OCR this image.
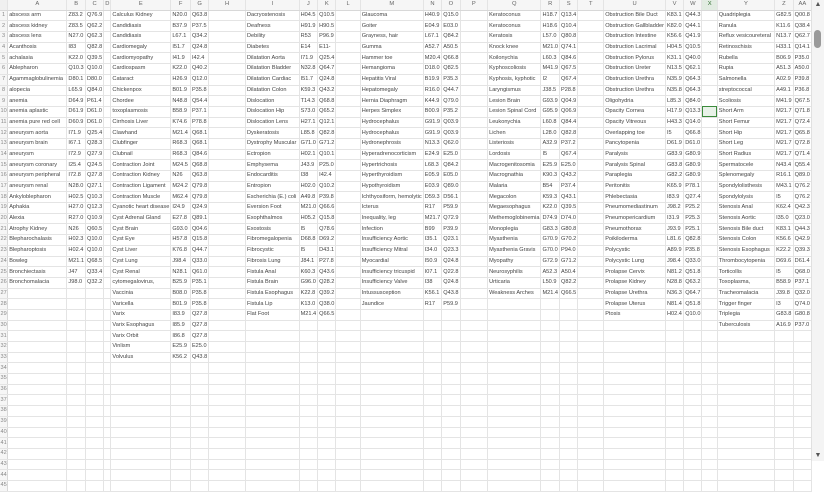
	A	B	C	D	E	F	G	H	I	J	K	L	M	N	O	P	Q	R	S	T	U	V	W	X	Y	Z	AA
1	abscess arm	Z83.2	Q76.9		Calculus Kidney	N20.0	Q63.8		Dacryostenosis	H04.5	Q10.5		Glaucoma	H40.9	Q15.0		Keratoconus	H18.7	Q13.4		Obstruction Bile Duct	K83.1	Q44.3		Quadriplegia	G82.5	Q00.8
2	abscess kidney	Z83.5	Q62.2		Candidiasis	B37.9	P37.5		Deafness	H91.9	H90.5		Goiter	E04.9	E03.0		Keratoconus	H18.6	Q10.4		Obstruction Gallbladder	K82.0	Q44.1		Ranula	K11.6	Q38.4
3	abscess lens	N27.0	Q62.3		Candidiasis	L67.1	Q34.2		Debility	R53	P96.9		Grayness, hair	L67.1	Q84.2		Keratosis	L57.0	Q80.8		Obstruction Intestine	K56.6	Q41.9		Reflux vesicoureteral	N13.7	Q62.7
4	Acanthosis	I83	Q82.8		Cardiomegaly	I51.7	Q24.8		Diabetes	E14	E11-		Gumma	A52.7	A50.5		Knock knee	M21.0	Q74.1		Obstruction Lacrimal	H04.5	Q10.5		Retinoschisis	H33.1	Q14.1
5	achalasia	K22.0	Q39.5		Cardiomyopathy	I41.9	I42.4		Dilatation Aorta	I71.9	Q25.4		Hammer toe	M20.4	Q66.8		Koilonychia	L60.3	Q84.6		Obstruction Pylorus	K31.1	Q40.0		Rubella	B06.9	P35.0
6	Ablepharon	Q10.3	Q10.0		Cardiospasm	K22.0	Q40.2		Dilatation Bladder	N32.8	Q64.7		Hemangioma	D18.0	Q82.5		Kyphoscoliosis	M41.9	Q67.5		Obstruction Ureter	N13.5	Q62.1		Rupia	A51.3	A50.0
7	Agammaglobulinemia	D80.1	D80.0		Cataract	H26.9	Q12.0		Dilatation Cardiac	I51.7	Q24.8		Hepatitis Viral	B19.9	P35.3		Kyphosis, kyphotic	I2	Q67.4		Obstruction Urethra	N35.9	Q64.3		Salmonella	A02.9	P39.8
8	alopecia	L65.9	Q84.0		Chickenpox	B01.9	P35.8		Dilatation Colon	K59.3	Q43.2		Hepatomegaly	R16.0	Q44.7		Laryngismus	J38.5	P28.8		Obstruction Urethra	N35.8	Q64.3		streptococcal	A49.1	P36.8
9	anemia	D64.9	P61.4		Chordee	N48.8	Q54.4		Dislocation	T14.3	Q68.8		Hernia Diaphragm	K44.9	Q79.0		Lesion Brain	G93.9	Q04.9		Oligohydria	L85.3	Q84.0		Scoliosis	M41.9	Q67.5
10	anemia aplastic	D61.9	D61.0		toxoplasmosis	B58.9	P37.1		Dislocation Hip	S73.0	Q65.2		Herpes Simplex	B00.9	P35.2		Lesion Spinal Cord	G95.9	Q06.9		Opacity Cornea	H17.9	Q13.3		Short Arm	M21.7	Q71.8
11	anemia pure red cell	D60.9	D61.0		Cirrhosis Liver	K74.6	P78.8		Dislocation Lens	H27.1	Q12.1		Hydrocephalus	G91.9	Q03.9		Leukonychia	L60.8	Q84.4		Opacity Vitreous	H43.3	Q14.0		Short Femur	M21.7	Q72.4
12	aneurysm aorta	I71.9	Q25.4		Clawhand	M21.4	Q68.1		Dyskeratosis	L85.8	Q82.8		Hydrocephalus	G91.9	Q03.9		Lichen	L28.0	Q82.8		Overlapping toe	I5	Q66.8		Short Hip	M21.7	Q65.8
13	aneurysm brain	I67.1	Q28.3		Clubfinger	R68.3	Q68.1		Dystrophy Muscular	G71.0	G71.2		Hydronephrosis	N13.3	Q62.0		Listeriosis	A32.9	P37.2		Pancytopenia	D61.9	D61.0		Short Leg	M21.7	Q72.8
14	aneurysm	I72.9	Q27.9		Clubnail	R68.3	Q84.6		Ectropion	H02.1	Q10.1		Hyperadrenocorticism	E24.9	E25.0		Lordosis	I5	Q67.4		Paralysis	G83.9	G80.9		Short Radius	M21.7	Q71.4
15	aneurysm coronary	I25.4	Q24.5		Contraction Joint	M24.5	Q68.8		Emphysema	J43.9	P25.0		Hypertrichosis	L68.3	Q84.2		Macrogenitosomia	E25.9	E25.0		Paralysis Spinal	G83.8	G80.9		Spermatocele	N43.4	Q55.4
16	aneurysm peripheral	I72.8	Q27.8		Contraction Kidney	N26	Q63.8		Endocarditis	I38	I42.4		Hyperthyroidism	E05.9	E05.0		Macrognathia	K90.3	Q43.2		Paraplegia	G82.2	G80.9		Splenomegaly	R16.1	Q89.0
17	aneurysm renal	N28.0	Q27.1		Contraction Ligament	M24.2	Q79.8		Entropion	H02.0	Q10.2		Hypothyroidism	E03.9	Q89.0		Malaria	B54	P37.4		Peritonitis	K65.9	P78.1		Spondylolisthesis	M43.1	Q76.2
18	Ankyloblepharon	H02.5	Q10.3		Contraction Muscle	M62.4	Q79.8		Escherichia (E.) coli	A49.8	P39.8		Ichthyosiform, hemolytic	D59.3	D56.1		Megacolon	K59.3	Q43.1		Phlebectasia	I83.9	Q27.4		Spondylolysis	I5	Q76.2
19	Aphakia	H27.0	Q12.3		Cyanotic heart disease	I24.9	Q24.9		Eversion Foot	M21.0	Q66.6		Icterus	R17	P59.9		Megaesophagus	K22.0	Q39.5		Pneumomediastinum	J98.2	P25.2		Stenosis Anal	K62.4	Q42.3
20	Alexia	R27.0	Q10.9		Cyst Adrenal Gland	E27.8	Q89.1		Exophthalmos	H05.2	Q15.8		Inequality, leg	M21.7	Q72.9		Methemoglobinemia	D74.9	D74.0		Pneumopericardium	I31.9	P25.3		Stenosis Aortic	I35.0	Q23.0
21	Atrophy Kidney	N26	Q60.5		Cyst Brain	G93.0	Q04.6		Exostosis	I5	Q78.6		Infection	B99	P39.9		Monoplegia	G83.3	G80.8		Pneumothorax	J93.9	P25.1		Stenosis Bile duct	K83.1	Q44.3
22	Blepharochalasis	H02.3	Q10.0		Cyst Eye	H57.8	Q15.8		Fibromegalopenia	D68.8	D69.2		Insufficiency Aortic	I35.1	Q23.1		Myasthenia	G70.9	G70.2		Poikiloderma	L81.6	Q82.8		Stenosis Colon	K56.6	Q42.9
23	Blepharoptosis	H02.4	Q10.0		Cyst Liver	K76.8	Q44.7		Fibrocystic	I5	D43.1		Insufficiency Mitral	I34.0	Q23.3		Myasthenia Gravis	G70.0	P94.0		Polycystic	A89.9	P35.8		Stenosis Esophagus	K22.2	Q39.3
24	Bowleg	M21.1	Q68.5		Cyst Lung	J98.4	Q33.0		Fibrosis Lung	J84.1	P27.8		Myocardial	I50.9	Q24.8		Myopathy	G72.9	G71.2		Polycystic Lung	J98.4	Q33.0		Thrombocytopenia	D69.6	D61.4
25	Bronchiectasis	J47	Q33.4		Cyst Renal	N28.1	Q61.0		Fistula Anal	K60.3	Q43.6		Insufficiency tricuspid	I07.1	Q22.8		Neurosyphilis	A52.3	A50.4		Prolapse Cervix	N81.2	Q51.8		Torticollis	I5	Q68.0
26	Bronchomalacia	J98.0	Q32.2		cytomegalovirus,	B25.9	P35.1		Fistula Brain	G96.0	Q28.2		Insufficiency Valve	I38	Q24.8		Urticaria	L50.9	Q82.2		Prolapse Kidney	N28.8	Q63.2		Toxoplasma,	B58.9	P37.1
27					Vaccinia	B08.0	P35.8		Fistula Esophagus	K22.8	Q39.2		Intussusception	K56.1	Q43.8		Weakness Arches	M21.4	Q66.5		Prolapse Urethra	N36.3	Q64.7		Tracheomalacia	J39.8	Q32.0
28					Varicella	B01.9	P35.8		Fistula Lip	K13.0	Q38.0		Jaundice	R17	P59.9						Prolapse Uterus	N81.4	Q51.8		Trigger finger	I3	Q74.0
29					Varix	I83.9	Q27.8		Flat Foot	M21.4	Q66.5										Ptosis	H02.4	Q10.0		Triplegia	G83.8	G80.8
30					Varix Esophagus	I85.9	Q27.8																		Tuberculosis	A16.9	P37.0
31					Varix Orbit	I86.8	Q27.8																				
32					Vinlism	E25.9	E25.0																				
33					Volvulus	K56.2	Q43.8																				
34																											
35																											
36																											
37																											
38																											
39																											
40																											
41																											
42																											
43																											
44																											
45																											
▲
▼
